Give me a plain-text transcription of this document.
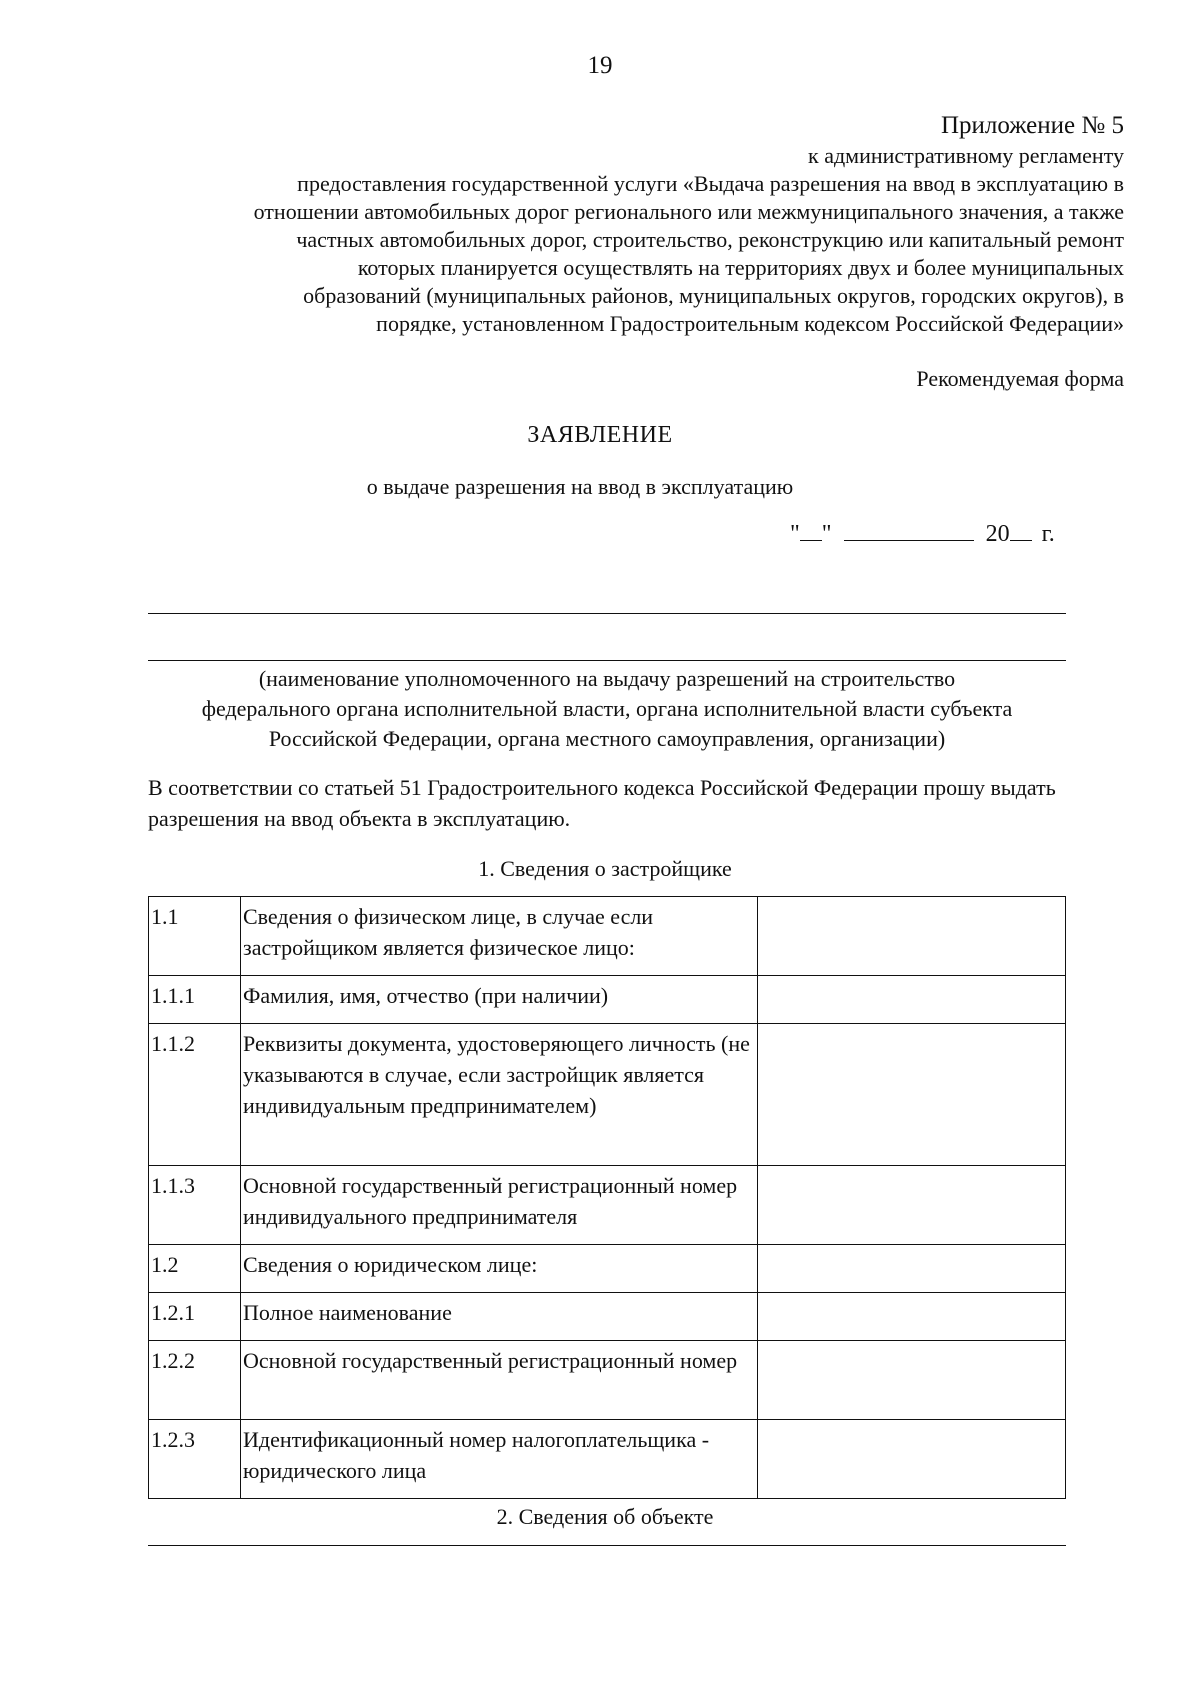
19
Приложение № 5
к административному регламенту
предоставления государственной услуги «Выдача разрешения на ввод в эксплуатацию в
отношении автомобильных дорог регионального или межмуниципального значения, а также
частных автомобильных дорог, строительство, реконструкцию или капитальный ремонт
которых планируется осуществлять на территориях двух и более муниципальных
образований (муниципальных районов, муниципальных округов, городских округов), в
порядке, установленном Градостроительным кодексом Российской Федерации»
Рекомендуемая форма
ЗАЯВЛЕНИЕ
о выдаче разрешения на ввод в эксплуатацию
" "	20 г.
(наименование уполномоченного на выдачу разрешений на строительство
федерального органа исполнительной власти, органа исполнительной власти субъекта
Российской Федерации, органа местного самоуправления, организации)
В соответствии со статьей 51 Градостроительного кодекса Российской Федерации прошу выдать разрешения на ввод объекта в эксплуатацию.
1. Сведения о застройщике
1.1	Сведения о физическом лице, в случае если застройщиком является физическое лицо:	
1.1.1	Фамилия, имя, отчество (при наличии)	
1.1.2	Реквизиты документа, удостоверяющего личность (не указываются в случае, если застройщик является индивидуальным предпринимателем)	
1.1.3	Основной государственный регистрационный номер индивидуального предпринимателя	
1.2	Сведения о юридическом лице:	
1.2.1	Полное наименование	
1.2.2	Основной государственный регистрационный номер	
1.2.3	Идентификационный номер налогоплательщика - юридического лица	
2. Сведения об объекте
